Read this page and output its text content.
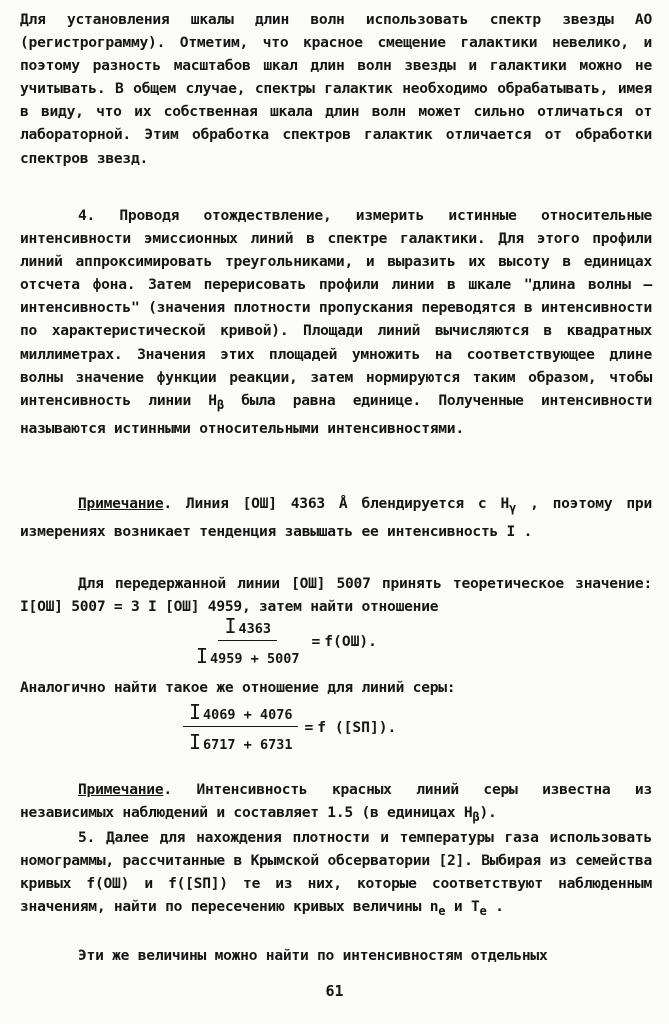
Для установления шкалы длин волн использовать спектр звезды АО (регистрограмму). Отметим, что красное смещение галактики невелико, и поэтому разность масштабов шкал длин волн звезды и галактики можно не учитывать. В общем случае, спектры галактик необходимо обрабатывать, имея в виду, что их собственная шкала длин волн может сильно отличаться от лабораторной. Этим обработка спектров галактик отличается от обработки спектров звезд.

4. Проводя отождествление, измерить истинные относительные интенсивности эмиссионных линий в спектре галактики. Для этого профили линий аппроксимировать треугольниками, и выразить их высоту в единицах отсчета фона. Затем перерисовать профили линии в шкале "длина волны – интенсивность" (значения плотности пропускания переводятся в интенсивности по характеристической кривой). Площади линий вычисляются в квадратных миллиметрах. Значения этих площадей умножить на соответствующее длине волны значение функции реакции, затем нормируются таким образом, чтобы интенсивность линии $H_\beta$ была равна единице. Полученные интенсивности называются истинными относительными интенсивностями.

Примечание. Линия [ОШ] 4363 Å блендируется с $H_\gamma$ , поэтому при измерениях возникает тенденция завышать ее интенсивность I .

Для передержанной линии [ОШ] 5007 принять теоретическое значение: I[ОШ] 5007 = 3 I [ОШ] 4959, затем найти отношение

$\frac{I 4363}{I 4959 + 5007} = f(ОШ)$.

Аналогично найти такое же отношение для линий серы:

$\frac{I 4069 + 4076}{I 6717 + 6731} = f$ ([SП]).

Примечание. Интенсивность красных линий серы известна из независимых наблюдений и составляет 1.5 (в единицах $H_\beta$).

5. Далее для нахождения плотности и температуры газа использовать номограммы, рассчитанные в Крымской обсерватории [2]. Выбирая из семейства кривых f(ОШ) и f([SП]) те из них, которые соответствуют наблюденным значениям, найти по пересечению кривых величины $n_e$ и $T_e$ .

Эти же величины можно найти по интенсивностям отдельных

61
